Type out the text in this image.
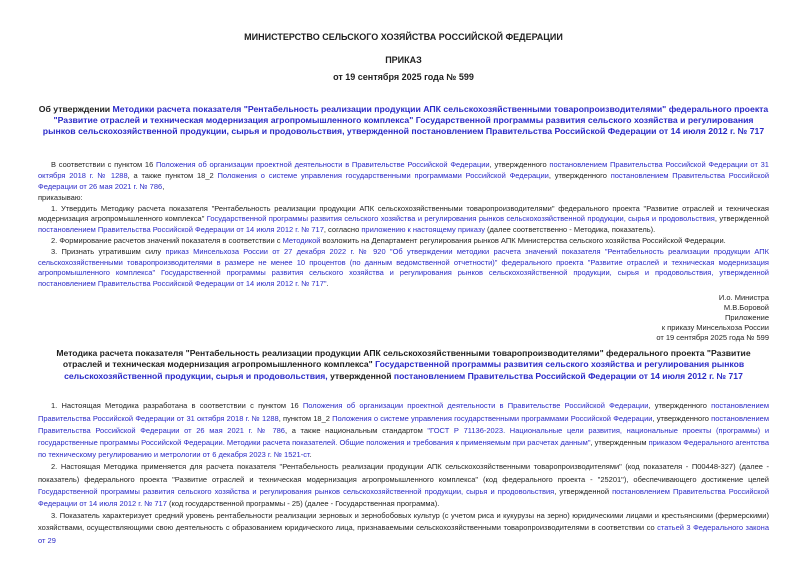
МИНИСТЕРСТВО СЕЛЬСКОГО ХОЗЯЙСТВА РОССИЙСКОЙ ФЕДЕРАЦИИ

ПРИКАЗ

от 19 сентября 2025 года № 599

Об утверждении Методики расчета показателя "Рентабельность реализации продукции АПК сельскохозяйственными товаропроизводителями" федерального проекта "Развитие отраслей и техническая модернизация агропромышленного комплекса" Государственной программы развития сельского хозяйства и регулирования рынков сельскохозяйственной продукции, сырья и продовольствия, утвержденной постановлением Правительства Российской Федерации от 14 июля 2012 г. № 717

В соответствии с пунктом 16 Положения об организации проектной деятельности в Правительстве Российской Федерации, утвержденного постановлением Правительства Российской Федерации от 31 октября 2018 г. № 1288, а также пунктом 18_2 Положения о системе управления государственными программами Российской Федерации, утвержденного постановлением Правительства Российской Федерации от 26 мая 2021 г. № 786,

приказываю:

1. Утвердить Методику расчета показателя "Рентабельность реализации продукции АПК сельскохозяйственными товаропроизводителями" федерального проекта "Развитие отраслей и техническая модернизация агропромышленного комплекса" Государственной программы развития сельского хозяйства и регулирования рынков сельскохозяйственной продукции, сырья и продовольствия, утвержденной постановлением Правительства Российской Федерации от 14 июля 2012 г. № 717, согласно приложению к настоящему приказу (далее соответственно - Методика, показатель).

2. Формирование расчетов значений показателя в соответствии с Методикой возложить на Департамент регулирования рынков АПК Министерства сельского хозяйства Российской Федерации.

3. Признать утратившим силу приказ Минсельхоза России от 27 декабря 2022 г. № 920 "Об утверждении методики расчета значений показателя "Рентабельность реализации продукции АПК сельскохозяйственными товаропроизводителями в размере не менее 10 процентов (по данным ведомственной отчетности)" федерального проекта "Развитие отраслей и техническая модернизация агропромышленного комплекса" Государственной программы развития сельского хозяйства и регулирования рынков сельскохозяйственной продукции, сырья и продовольствия, утвержденной постановлением Правительства Российской Федерации от 14 июля 2012 г. № 717".

И.о. Министра

М.В.Боровой

Приложение

к приказу Минсельхоза России

от 19 сентября 2025 года № 599

Методика расчета показателя "Рентабельность реализации продукции АПК сельскохозяйственными товаропроизводителями" федерального проекта "Развитие отраслей и техническая модернизация агропромышленного комплекса" Государственной программы развития сельского хозяйства и регулирования рынков сельскохозяйственной продукции, сырья и продовольствия, утвержденной постановлением Правительства Российской Федерации от 14 июля 2012 г. № 717

1. Настоящая Методика разработана в соответствии с пунктом 16 Положения об организации проектной деятельности в Правительстве Российской Федерации, утвержденного постановлением Правительства Российской Федерации от 31 октября 2018 г. № 1288, пунктом 18_2 Положения о системе управления государственными программами Российской Федерации, утвержденного постановлением Правительства Российской Федерации от 26 мая 2021 г. № 786, а также национальным стандартом "ГОСТ Р 71136-2023. Национальные цели развития, национальные проекты (программы) и государственные программы Российской Федерации. Методики расчета показателей. Общие положения и требования к применяемым при расчетах данным", утвержденным приказом Федерального агентства по техническому регулированию и метрологии от 6 декабря 2023 г. № 1521-ст.

2. Настоящая Методика применяется для расчета показателя "Рентабельность реализации продукции АПК сельскохозяйственными товаропроизводителями" (код показателя - П00448-327) (далее - показатель) федерального проекта "Развитие отраслей и техническая модернизация агропромышленного комплекса" (код федерального проекта - "25201"), обеспечивающего достижение целей Государственной программы развития сельского хозяйства и регулирования рынков сельскохозяйственной продукции, сырья и продовольствия, утвержденной постановлением Правительства Российской Федерации от 14 июля 2012 г. № 717 (код государственной программы - 25) (далее - Государственная программа).

3. Показатель характеризует средний уровень рентабельности реализации зерновых и зернобобовых культур (с учетом риса и кукурузы на зерно) юридическими лицами и крестьянскими (фермерскими) хозяйствами, осуществляющими свою деятельность с образованием юридического лица, признаваемыми сельскохозяйственными товаропроизводителями в соответствии со статьей 3 Федерального закона от 29
